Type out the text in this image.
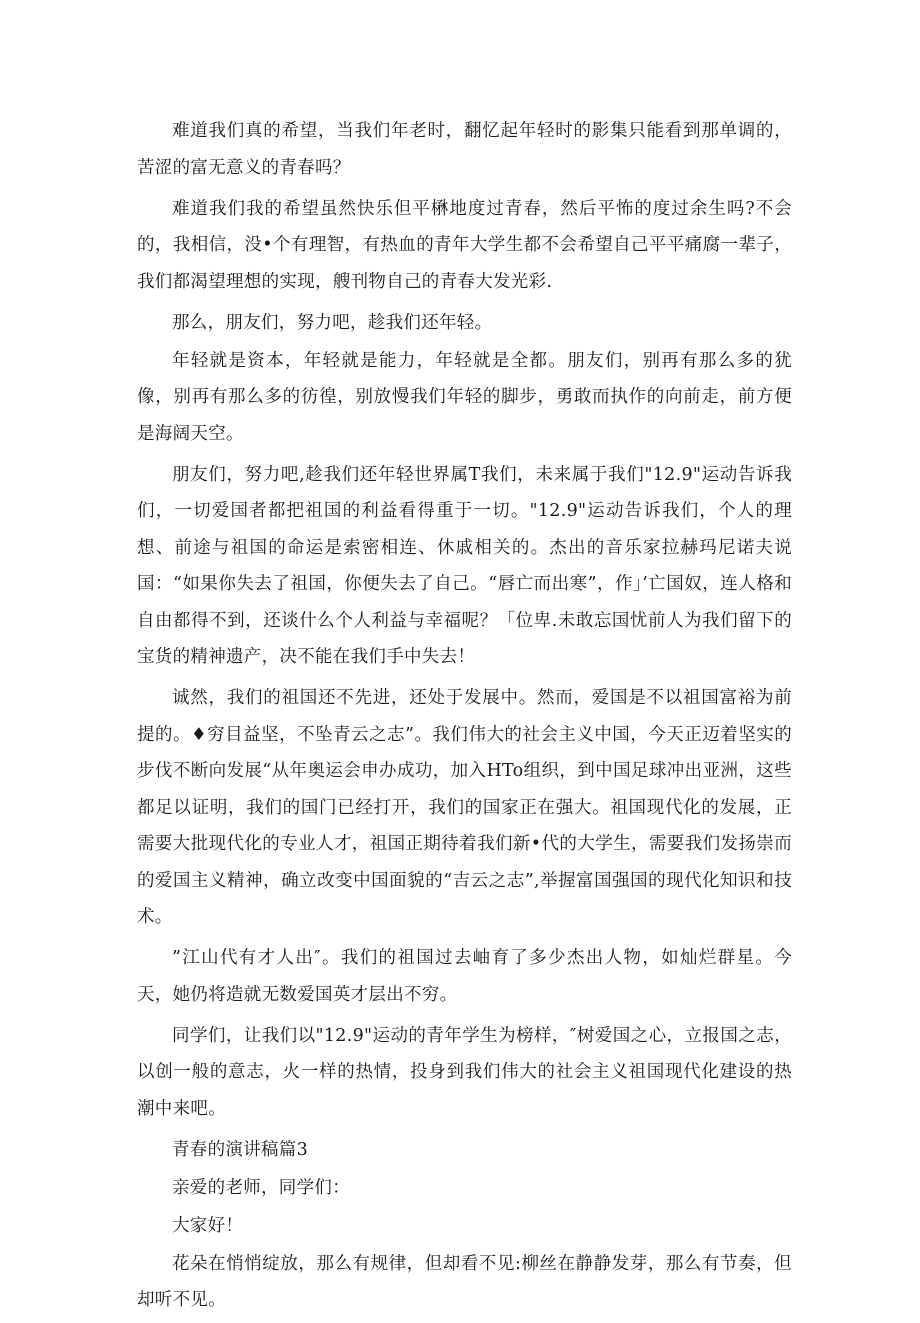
难道我们真的希望，当我们年老时，翻忆起年轻时的影集只能看到那单调的，苦涩的富无意义的青春吗？

难道我们我的希望虽然快乐但平楙地度过青春，然后平怖的度过余生吗?不会的，我相信，没•个有理智，有热血的青年大学生都不会希望自己平平痛腐一辈子，我们都渴望理想的实现，艘刊物自己的青春大发光彩.

那么，朋友们，努力吧，趁我们还年轻。

年轻就是资本，年轻就是能力，年轻就是全都。朋友们，别再有那么多的犹像，别再有那么多的彷徨，别放慢我们年轻的脚步，勇敢而执作的向前走，前方便是海阔天空。

朋友们，努力吧,趁我们还年轻世界属T我们，未来属于我们"12.9"运动告诉我们，一切爱国者都把祖国的利益看得重于一切。"12.9"运动告诉我们，个人的理想、前途与祖国的命运是索密相连、休戚相关的。杰出的音乐家拉赫玛尼诺夫说国：“如果你失去了祖国，你便失去了自己。“唇亡而出寒”，作」’亡国奴，连人格和自由都得不到，还谈什么个人利益与幸福呢？「位卑.未敢忘国忧前人为我们留下的宝货的精神遗产，决不能在我们手中失去！

诚然，我们的祖国还不先进，还处于发展中。然而，爱国是不以祖国富裕为前提的。♦穷目益坚，不坠青云之志”。我们伟大的社会主义中国，今天正迈着坚实的步伐不断向发展“从年奥运会申办成功，加入HTo组织，到中国足球冲出亚洲，这些都足以证明，我们的国门已经打开，我们的国家正在强大。祖国现代化的发展，正需要大批现代化的专业人才，祖国正期待着我们新•代的大学生，需要我们发扬崇而的爱国主义精神，确立改变中国面貌的“吉云之志”,举握富国强国的现代化知识和技术。

”江山代有才人出″。我们的祖国过去岫育了多少杰出人物，如灿烂群星。今天，她仍将造就无数爱国英才层出不穷。

同学们，让我们以"12.9"运动的青年学生为榜样，″树爱国之心，立报国之志，以创一般的意志，火一样的热情，投身到我们伟大的社会主义祖国现代化建设的热潮中来吧。

青春的演讲稿篇3

亲爱的老师，同学们：

大家好！

花朵在悄悄绽放，那么有规律，但却看不见:柳丝在静静发芽，那么有节奏，但却听不见。
